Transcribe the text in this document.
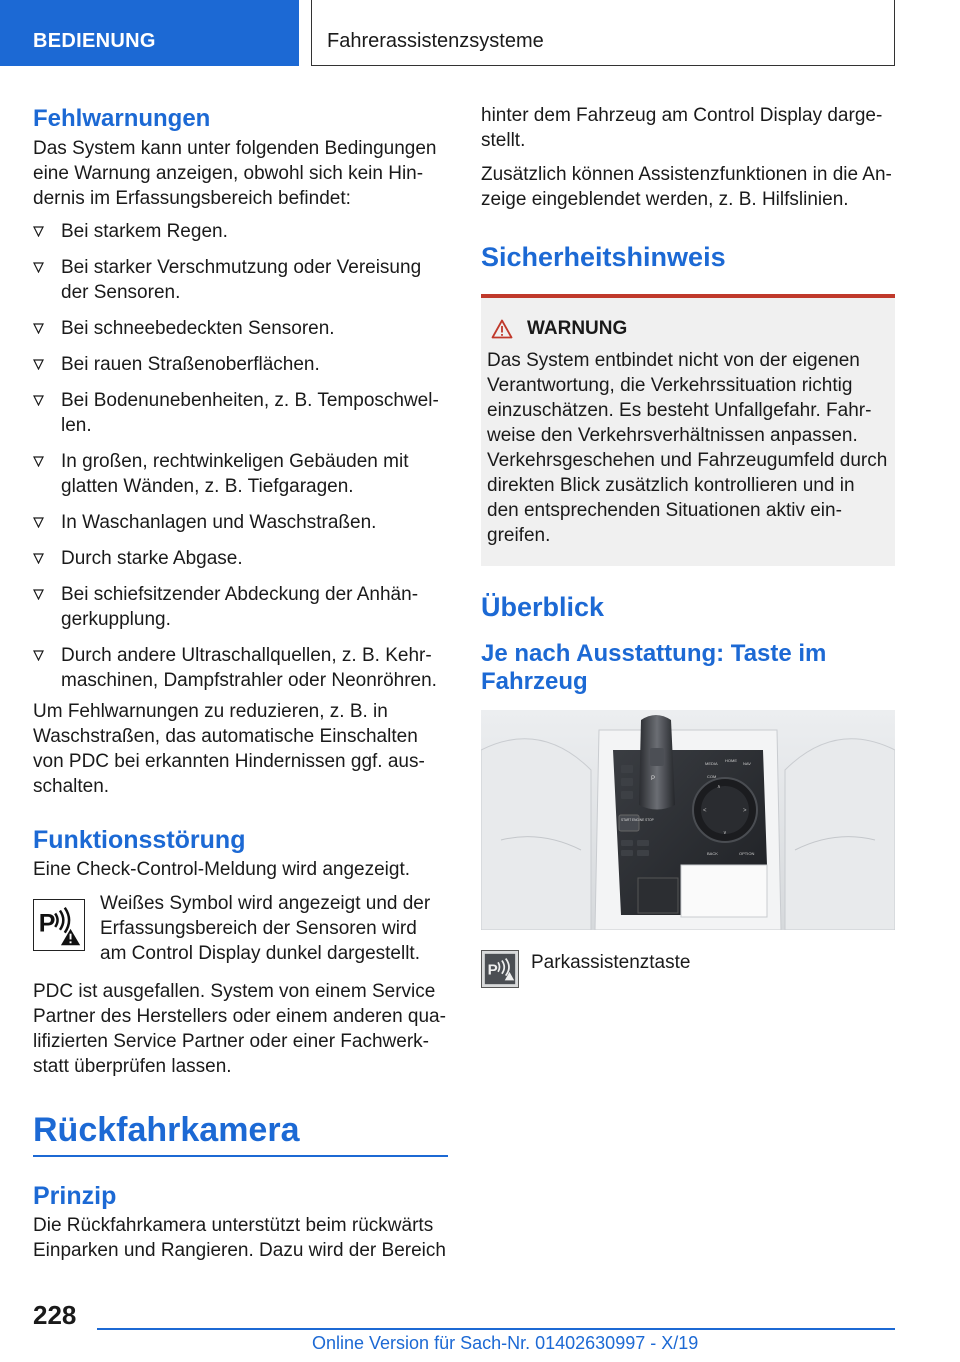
BEDIENUNG	Fahrerassistenzsysteme
Fehlwarnungen

Das System kann unter folgenden Bedingungen eine Warnung anzeigen, obwohl sich kein Hindernis im Erfassungsbereich befindet:

Bei starkem Regen.
Bei starker Verschmutzung oder Vereisung der Sensoren.
Bei schneebedeckten Sensoren.
Bei rauen Straßenoberflächen.
Bei Bodenunebenheiten, z. B. Temposchwellen.
In großen, rechtwinkeligen Gebäuden mit glatten Wänden, z. B. Tiefgaragen.
In Waschanlagen und Waschstraßen.
Durch starke Abgase.
Bei schiefsitzender Abdeckung der Anhängerkupplung.
Durch andere Ultraschallquellen, z. B. Kehrmaschinen, Dampfstrahler oder Neonröhren.

Um Fehlwarnungen zu reduzieren, z. B. in Waschstraßen, das automatische Einschalten von PDC bei erkannten Hindernissen ggf. ausschalten.

Funktionsstörung

Eine Check-Control-Meldung wird angezeigt.

P

Weißes Symbol wird angezeigt und der Erfassungsbereich der Sensoren wird am Control Display dunkel dargestellt.

PDC ist ausgefallen. System von einem Service Partner des Herstellers oder einem anderen qualifizierten Service Partner oder einer Fachwerkstatt überprüfen lassen.

Rückfahrkamera
Prinzip

Die Rückfahrkamera unterstützt beim rückwärts Einparken und Rangieren. Dazu wird der Bereich

hinter dem Fahrzeug am Control Display dargestellt.

Zusätzlich können Assistenzfunktionen in die Anzeige eingeblendet werden, z. B. Hilfslinien.

Sicherheitshinweis
WARNUNG

Das System entbindet nicht von der eigenen Verantwortung, die Verkehrssituation richtig einzuschätzen. Es besteht Unfallgefahr. Fahrweise den Verkehrsverhältnissen anpassen. Verkehrsgeschehen und Fahrzeugumfeld durch direkten Blick zusätzlich kontrollieren und in den entsprechenden Situationen aktiv eingreifen.

Überblick
Je nach Ausstattung: Taste im Fahrzeug
P
∧
<	>
∨
MEDIA
HOME
NAV
COM
BACK	OPTION
START ENGINE STOP
P Parkassistenztaste

228
Online Version für Sach-Nr. 01402630997 - X/19
